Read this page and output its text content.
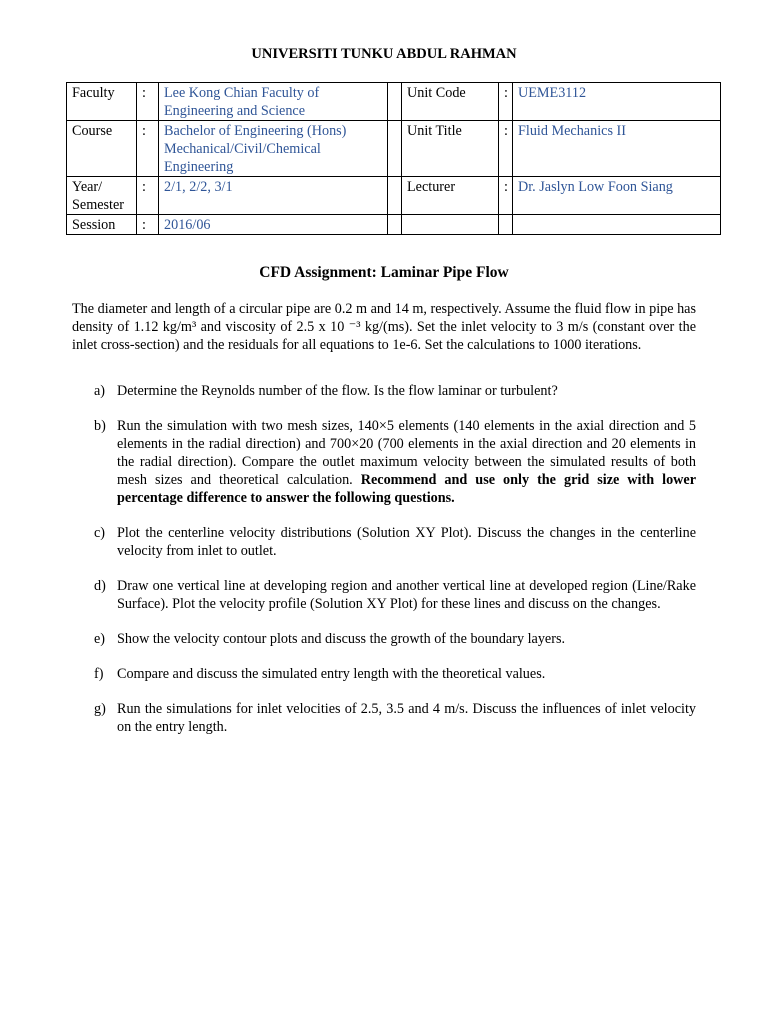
UNIVERSITI TUNKU ABDUL RAHMAN
Faculty	:	Lee Kong Chian Faculty of Engineering and Science		Unit Code	:	UEME3112
Course	:	Bachelor of Engineering (Hons) Mechanical/Civil/Chemical Engineering		Unit Title	:	Fluid Mechanics II
Year/ Semester	:	2/1, 2/2, 3/1		Lecturer	:	Dr. Jaslyn Low Foon Siang
Session	:	2016/06				
CFD Assignment: Laminar Pipe Flow
The diameter and length of a circular pipe are 0.2 m and 14 m, respectively. Assume the fluid flow in pipe has density of 1.12 kg/m³ and viscosity of 2.5 x 10 ⁻³ kg/(ms). Set the inlet velocity to 3 m/s (constant over the inlet cross-section) and the residuals for all equations to 1e-6. Set the calculations to 1000 iterations.
a) Determine the Reynolds number of the flow. Is the flow laminar or turbulent?
b) Run the simulation with two mesh sizes, 140×5 elements (140 elements in the axial direction and 5 elements in the radial direction) and 700×20 (700 elements in the axial direction and 20 elements in the radial direction). Compare the outlet maximum velocity between the simulated results of both mesh sizes and theoretical calculation. Recommend and use only the grid size with lower percentage difference to answer the following questions.
c) Plot the centerline velocity distributions (Solution XY Plot). Discuss the changes in the centerline velocity from inlet to outlet.
d) Draw one vertical line at developing region and another vertical line at developed region (Line/Rake Surface). Plot the velocity profile (Solution XY Plot) for these lines and discuss on the changes.
e) Show the velocity contour plots and discuss the growth of the boundary layers.
f) Compare and discuss the simulated entry length with the theoretical values.
g) Run the simulations for inlet velocities of 2.5, 3.5 and 4 m/s. Discuss the influences of inlet velocity on the entry length.
